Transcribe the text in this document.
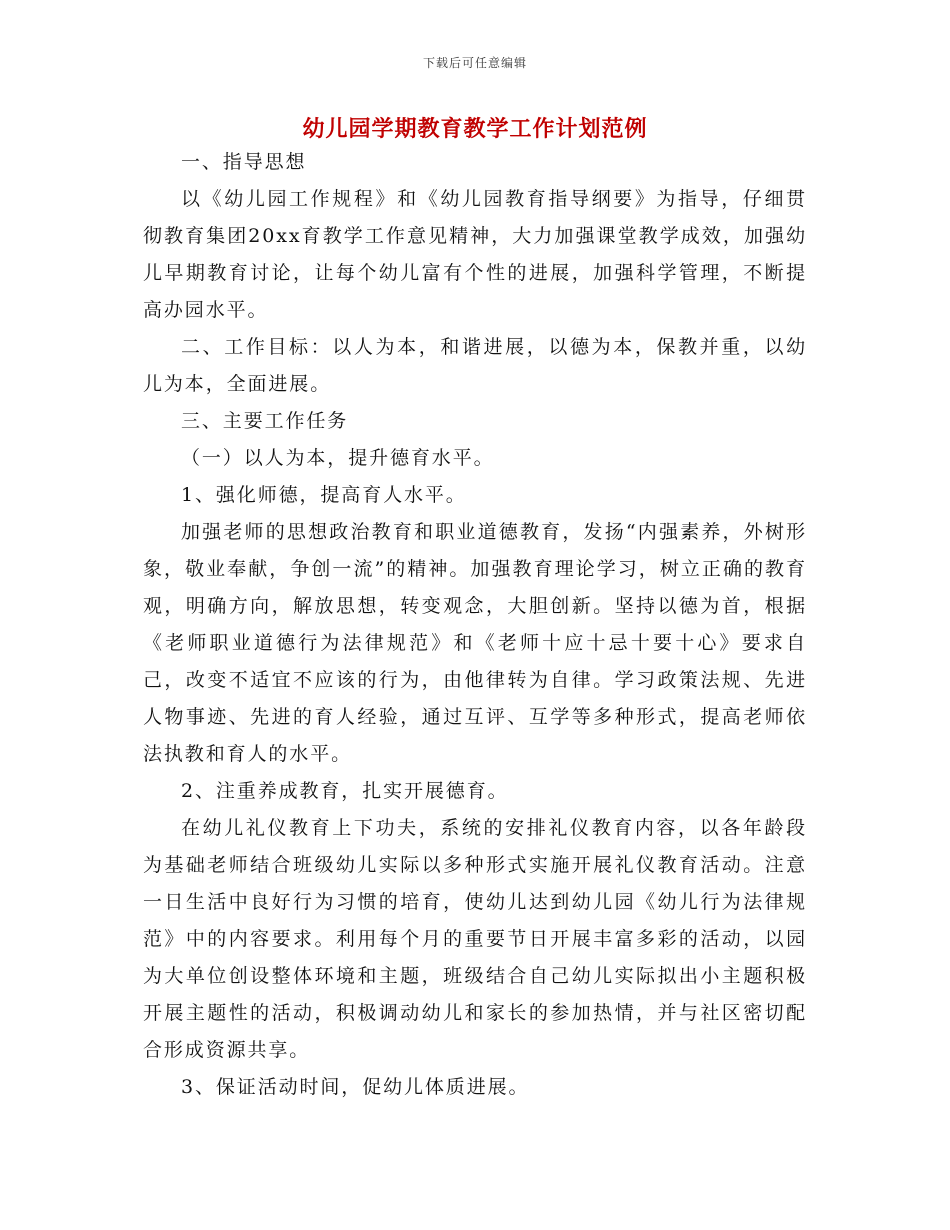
下载后可任意编辑
幼儿园学期教育教学工作计划范例

一、指导思想

以《幼儿园工作规程》和《幼儿园教育指导纲要》为指导，仔细贯彻教育集团20xx育教学工作意见精神，大力加强课堂教学成效，加强幼儿早期教育讨论，让每个幼儿富有个性的进展，加强科学管理，不断提高办园水平。

二、工作目标：以人为本，和谐进展，以德为本，保教并重，以幼儿为本，全面进展。

三、主要工作任务

（一）以人为本，提升德育水平。

1、强化师德，提高育人水平。

加强老师的思想政治教育和职业道德教育，发扬“内强素养，外树形象，敬业奉献，争创一流”的精神。加强教育理论学习，树立正确的教育观，明确方向，解放思想，转变观念，大胆创新。坚持以德为首，根据《老师职业道德行为法律规范》和《老师十应十忌十要十心》要求自己，改变不适宜不应该的行为，由他律转为自律。学习政策法规、先进人物事迹、先进的育人经验，通过互评、互学等多种形式，提高老师依法执教和育人的水平。

2、注重养成教育，扎实开展德育。

在幼儿礼仪教育上下功夫，系统的安排礼仪教育内容，以各年龄段为基础老师结合班级幼儿实际以多种形式实施开展礼仪教育活动。注意一日生活中良好行为习惯的培育，使幼儿达到幼儿园《幼儿行为法律规范》中的内容要求。利用每个月的重要节日开展丰富多彩的活动，以园为大单位创设整体环境和主题，班级结合自己幼儿实际拟出小主题积极开展主题性的活动，积极调动幼儿和家长的参加热情，并与社区密切配合形成资源共享。

3、保证活动时间，促幼儿体质进展。
